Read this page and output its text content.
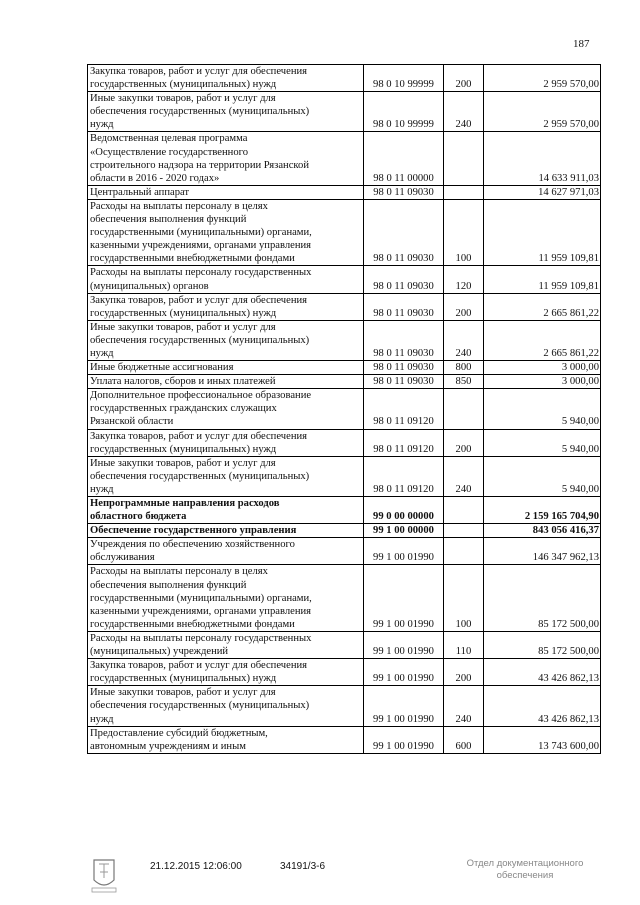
187
Закупка товаров, работ и услуг для обеспечения
государственных (муниципальных) нужд	98 0 10 99999	200	2 959 570,00

Иные закупки товаров, работ и услуг для
обеспечения государственных (муниципальных)
нужд	98 0 10 99999	240	2 959 570,00

Ведомственная целевая программа
«Осуществление государственного
строительного надзора на территории Рязанской
области в 2016 - 2020 годах»	98 0 11 00000		14 633 911,03

Центральный аппарат	98 0 11 09030		14 627 971,03

Расходы на выплаты персоналу в целях
обеспечения выполнения функций
государственными (муниципальными) органами,
казенными учреждениями, органами управления
государственными внебюджетными фондами	98 0 11 09030	100	11 959 109,81

Расходы на выплаты персоналу государственных
(муниципальных) органов	98 0 11 09030	120	11 959 109,81

Закупка товаров, работ и услуг для обеспечения
государственных (муниципальных) нужд	98 0 11 09030	200	2 665 861,22

Иные закупки товаров, работ и услуг для
обеспечения государственных (муниципальных)
нужд	98 0 11 09030	240	2 665 861,22

Иные бюджетные ассигнования	98 0 11 09030	800	3 000,00

Уплата налогов, сборов и иных платежей	98 0 11 09030	850	3 000,00

Дополнительное профессиональное образование
государственных гражданских служащих
Рязанской области	98 0 11 09120		5 940,00

Закупка товаров, работ и услуг для обеспечения
государственных (муниципальных) нужд	98 0 11 09120	200	5 940,00

Иные закупки товаров, работ и услуг для
обеспечения государственных (муниципальных)
нужд	98 0 11 09120	240	5 940,00

Непрограммные направления расходов
областного бюджета	99 0 00 00000		2 159 165 704,90

Обеспечение государственного управления	99 1 00 00000		843 056 416,37

Учреждения по обеспечению хозяйственного
обслуживания	99 1 00 01990		146 347 962,13

Расходы на выплаты персоналу в целях
обеспечения выполнения функций
государственными (муниципальными) органами,
казенными учреждениями, органами управления
государственными внебюджетными фондами	99 1 00 01990	100	85 172 500,00

Расходы на выплаты персоналу государственных
(муниципальных) учреждений	99 1 00 01990	110	85 172 500,00

Закупка товаров, работ и услуг для обеспечения
государственных (муниципальных) нужд	99 1 00 01990	200	43 426 862,13

Иные закупки товаров, работ и услуг для
обеспечения государственных (муниципальных)
нужд	99 1 00 01990	240	43 426 862,13

Предоставление субсидий бюджетным,
автономным учреждениям и иным	99 1 00 01990	600	13 743 600,00
21.12.2015 12:06:00	34191/3-6	Отдел документационного
обеспечения
